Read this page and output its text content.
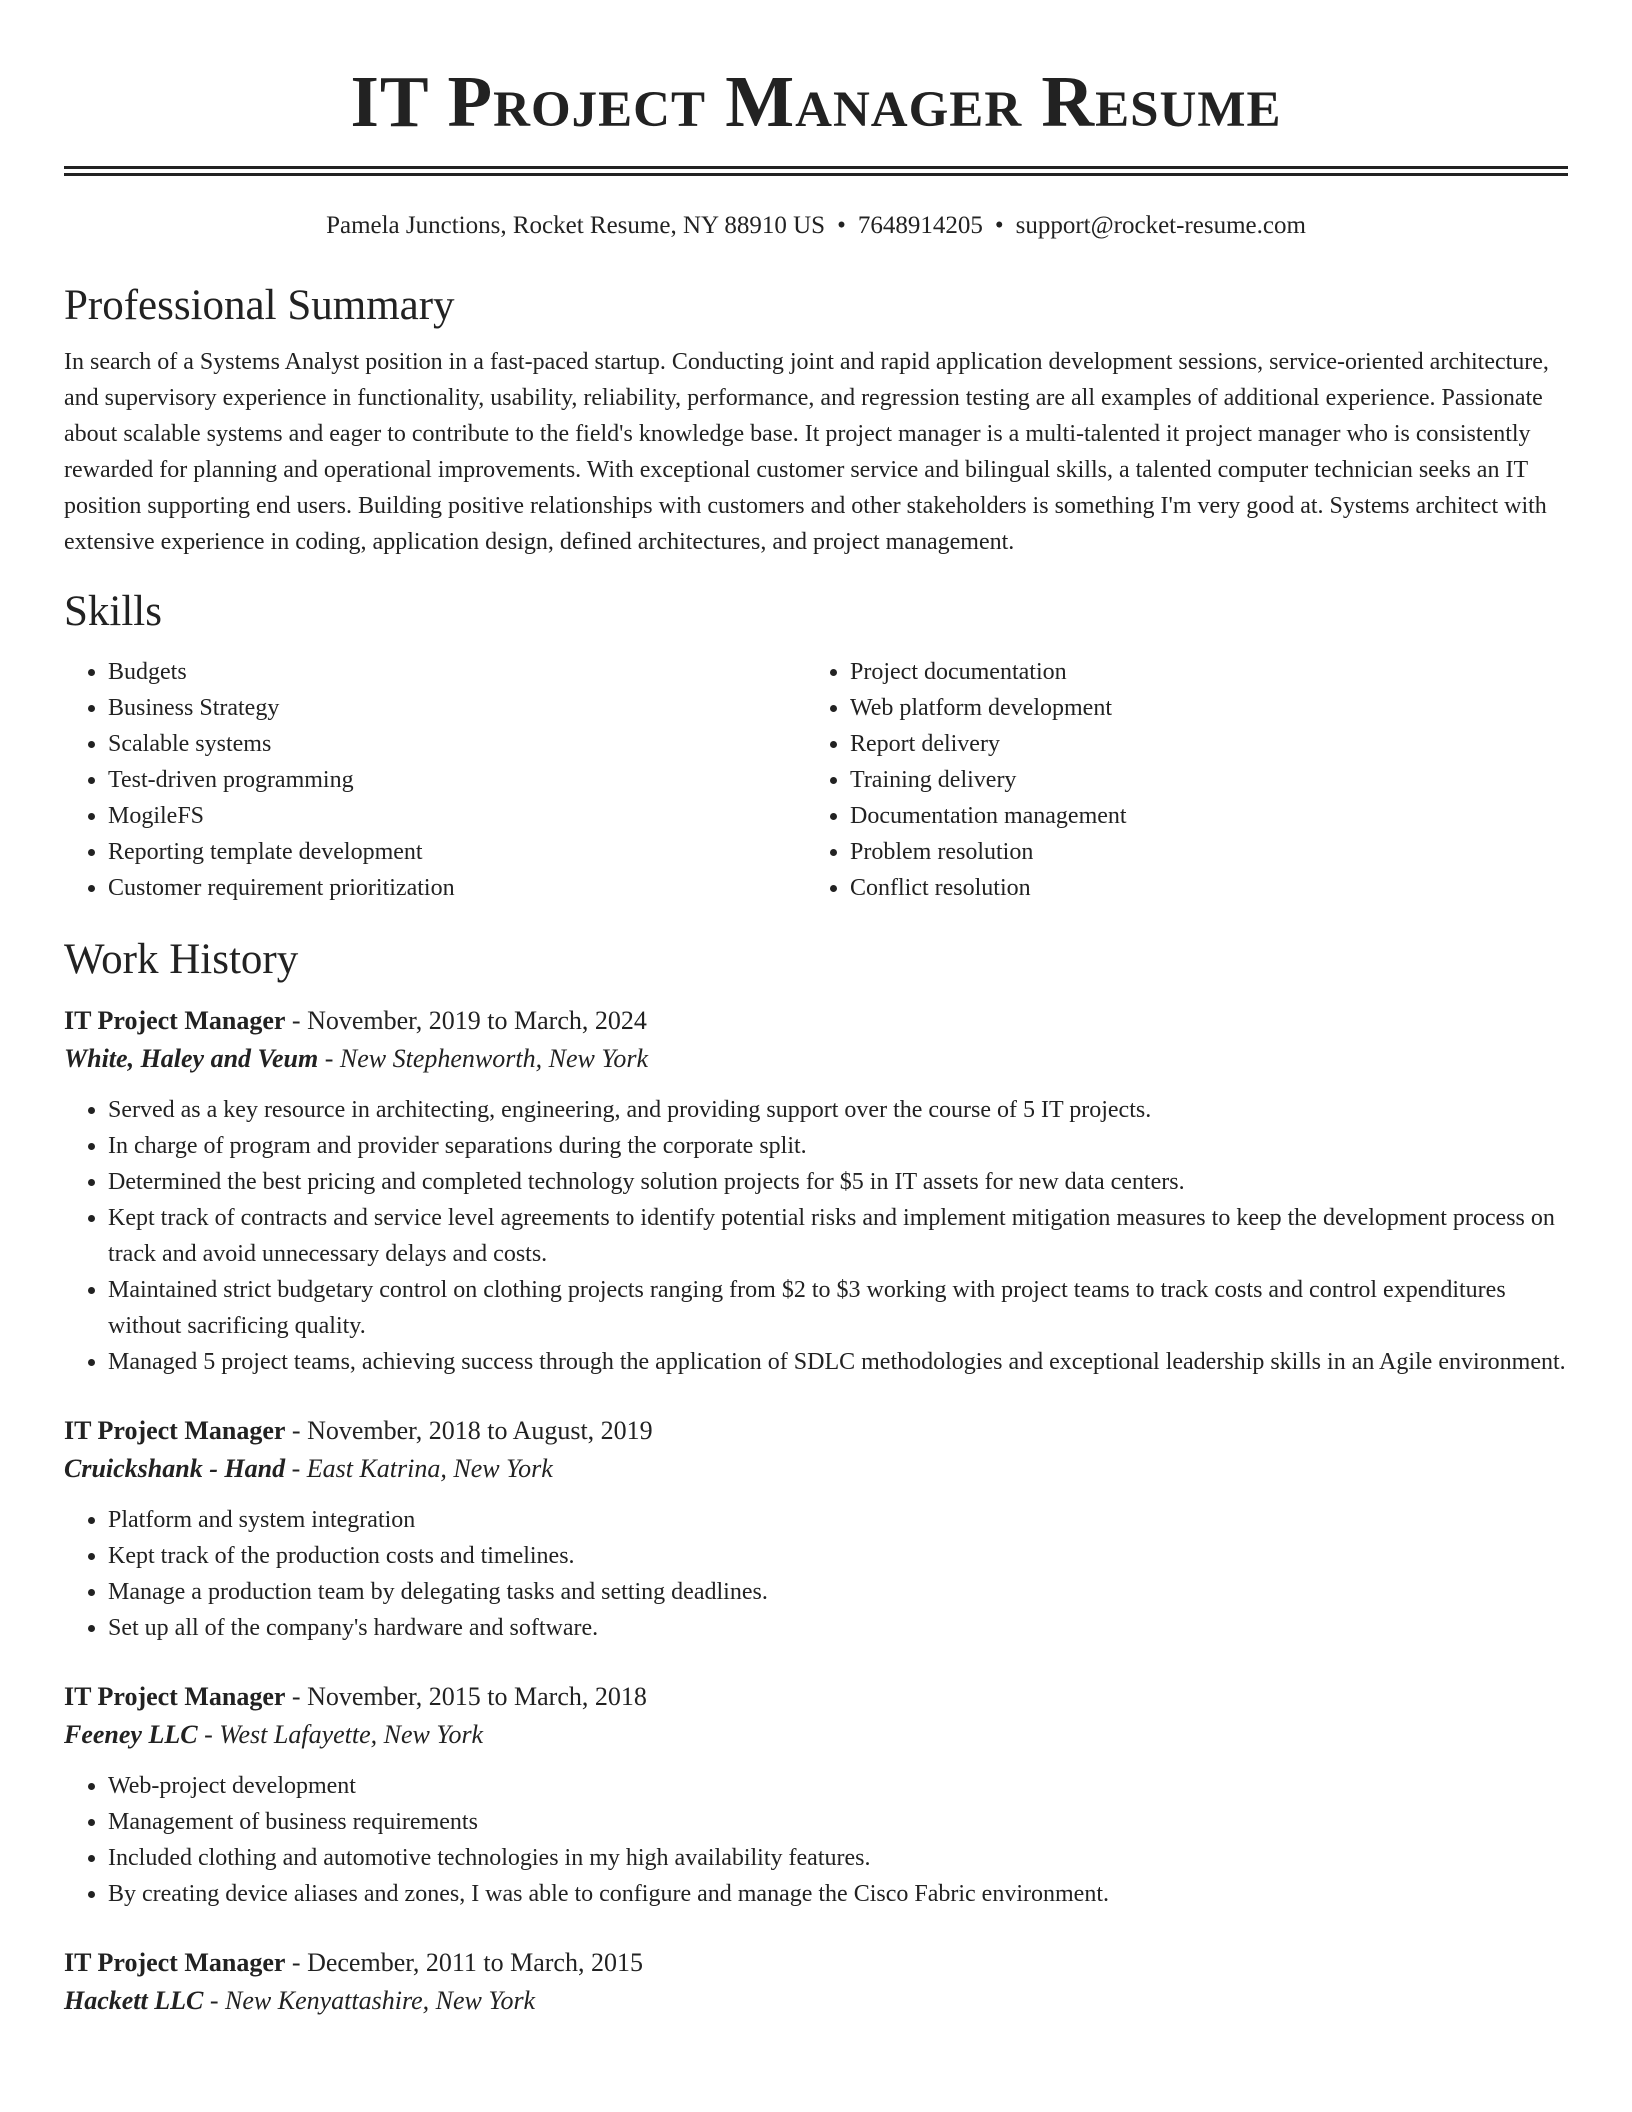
IT Project Manager Resume
Pamela Junctions, Rocket Resume, NY 88910 US • 7648914205 • support@rocket-resume.com
Professional Summary

In search of a Systems Analyst position in a fast-paced startup. Conducting joint and rapid application development sessions, service-oriented architecture, and supervisory experience in functionality, usability, reliability, performance, and regression testing are all examples of additional experience. Passionate about scalable systems and eager to contribute to the field's knowledge base. It project manager is a multi-talented it project manager who is consistently rewarded for planning and operational improvements. With exceptional customer service and bilingual skills, a talented computer technician seeks an IT position supporting end users. Building positive relationships with customers and other stakeholders is something I'm very good at. Systems architect with extensive experience in coding, application design, defined architectures, and project management.

Skills
• Budgets
• Business Strategy
• Scalable systems
• Test-driven programming
• MogileFS
• Reporting template development
• Customer requirement prioritization
• Project documentation
• Web platform development
• Report delivery
• Training delivery
• Documentation management
• Problem resolution
• Conflict resolution
Work History
IT Project Manager - November, 2019 to March, 2024
White, Haley and Veum - New Stephenworth, New York
• Served as a key resource in architecting, engineering, and providing support over the course of 5 IT projects.
• In charge of program and provider separations during the corporate split.
• Determined the best pricing and completed technology solution projects for $5 in IT assets for new data centers.
• Kept track of contracts and service level agreements to identify potential risks and implement mitigation measures to keep the development process on track and avoid unnecessary delays and costs.
• Maintained strict budgetary control on clothing projects ranging from $2 to $3 working with project teams to track costs and control expenditures without sacrificing quality.
• Managed 5 project teams, achieving success through the application of SDLC methodologies and exceptional leadership skills in an Agile environment.
IT Project Manager - November, 2018 to August, 2019
Cruickshank - Hand - East Katrina, New York
• Platform and system integration
• Kept track of the production costs and timelines.
• Manage a production team by delegating tasks and setting deadlines.
• Set up all of the company's hardware and software.
IT Project Manager - November, 2015 to March, 2018
Feeney LLC - West Lafayette, New York
• Web-project development
• Management of business requirements
• Included clothing and automotive technologies in my high availability features.
• By creating device aliases and zones, I was able to configure and manage the Cisco Fabric environment.
IT Project Manager - December, 2011 to March, 2015
Hackett LLC - New Kenyattashire, New York
